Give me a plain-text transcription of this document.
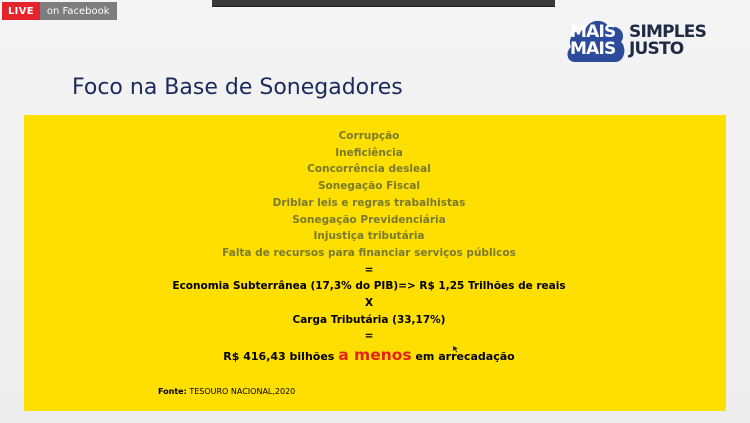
LIVE	on Facebook
MAIS
MAIS
SIMPLES
JUSTO
Foco na Base de Sonegadores
Corrupção
Ineficiência
Concorrência desleal
Sonegação Fiscal
Driblar leis e regras trabalhistas
Sonegação Previdenciária
Injustiça tributária
Falta de recursos para financiar serviços públicos
=
Economia Subterrânea (17,3% do PIB)=> R$ 1,25 Trilhões de reais
X
Carga Tributária (33,17%)
=
R$ 416,43 bilhões a menos em arrecadação
Fonte: TESOURO NACIONAL,2020
